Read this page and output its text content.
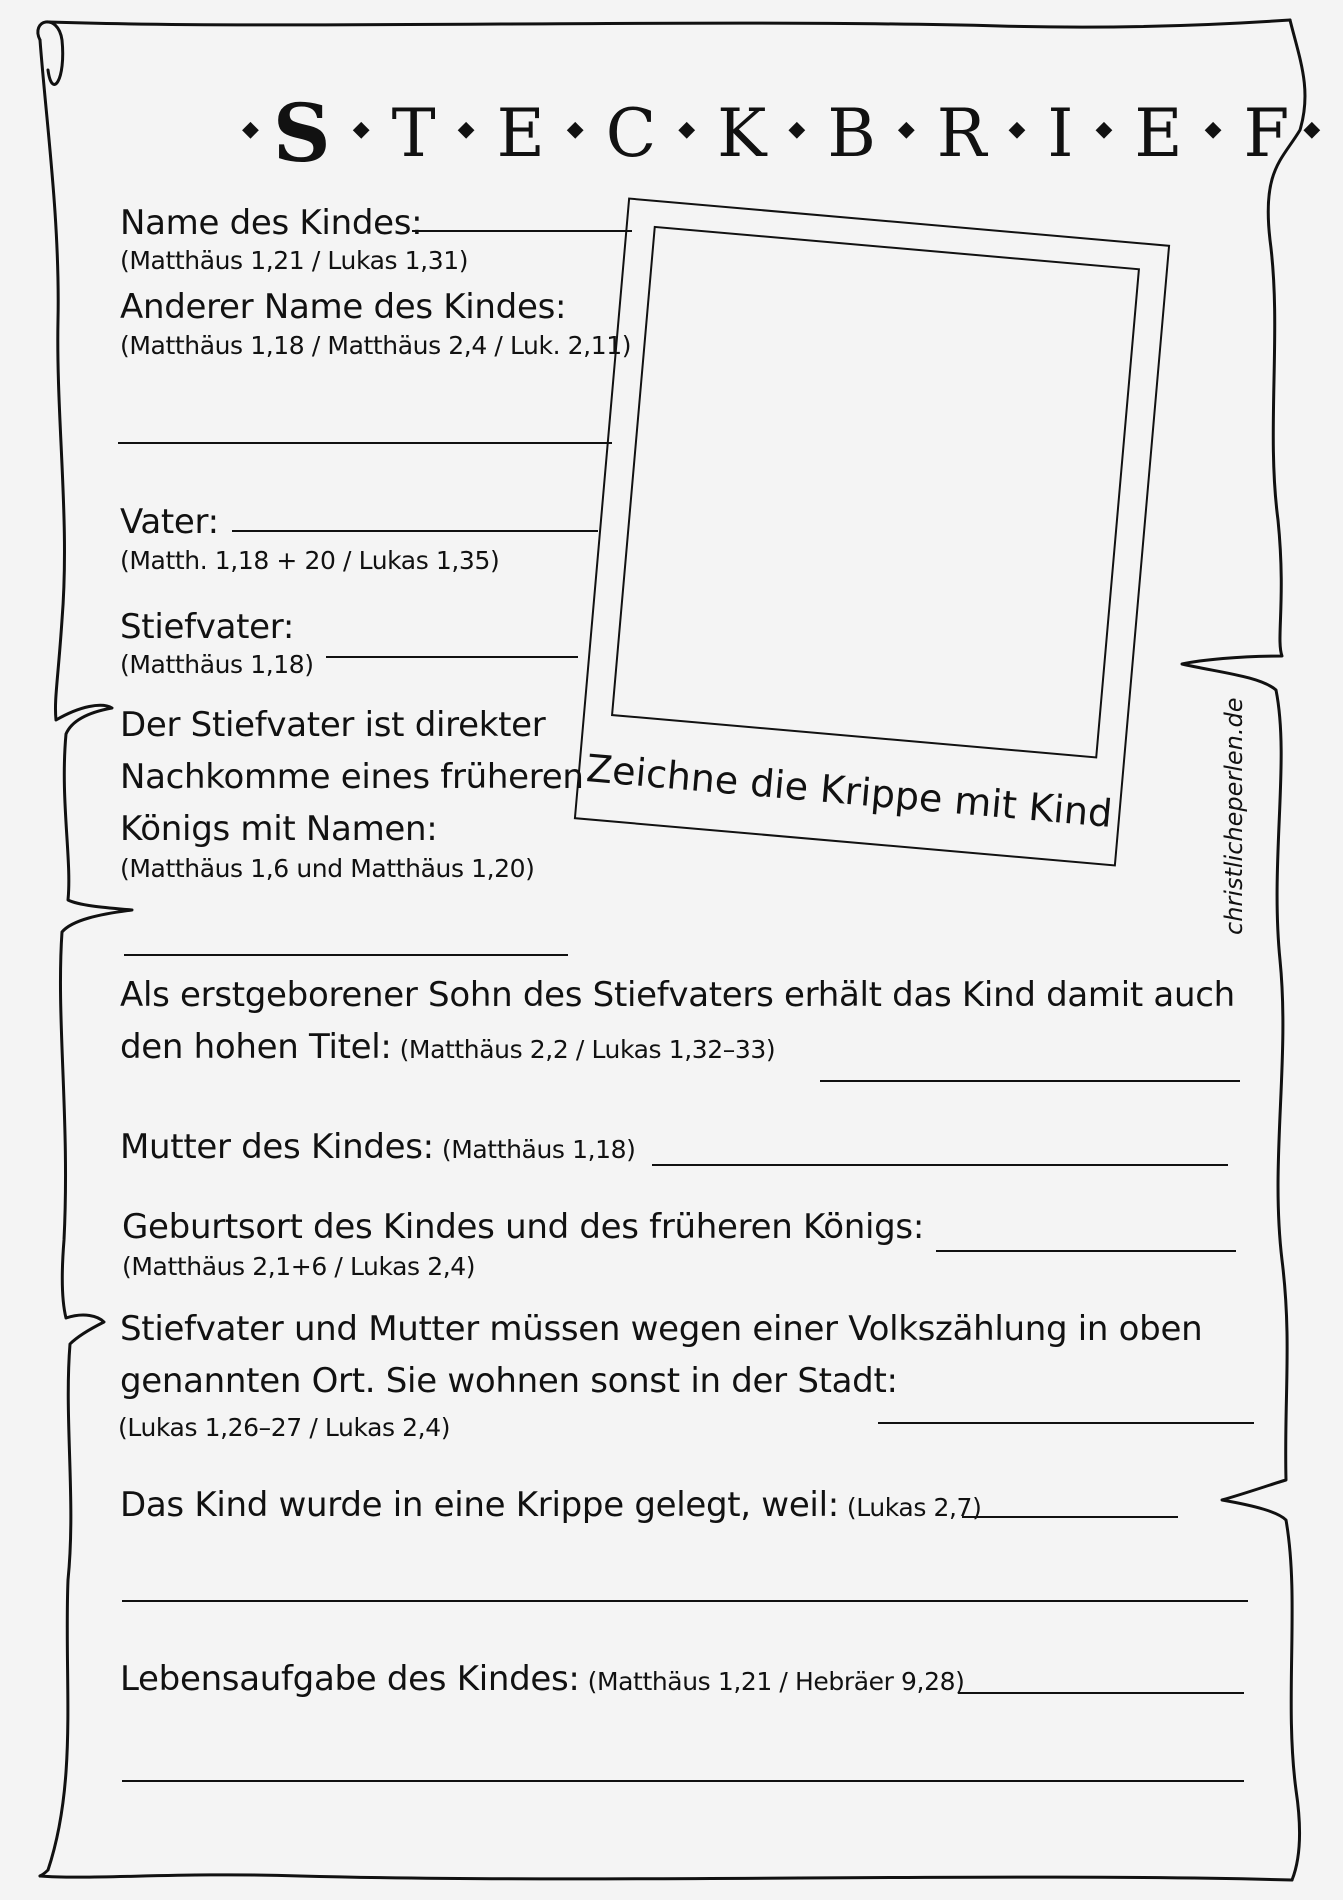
◆ S ◆ T ◆ E ◆ C ◆ K ◆ B ◆ R ◆ I ◆ E ◆ F ◆
Zeichne die Krippe mit Kind	christlicheperlen.de
Name des Kindes:
(Matthäus 1,21 / Lukas 1,31)
Anderer Name des Kindes:
(Matthäus 1,18 / Matthäus 2,4 / Luk. 2,11)
Vater:
(Matth. 1,18 + 20 / Lukas 1,35)
Stiefvater:
(Matthäus 1,18)
Der Stiefvater ist direkter
Nachkomme eines früheren
Königs mit Namen:
(Matthäus 1,6 und Matthäus 1,20)
Als erstgeborener Sohn des Stiefvaters erhält das Kind damit auch
den hohen Titel: (Matthäus 2,2 / Lukas 1,32–33)
Mutter des Kindes: (Matthäus 1,18)
Geburtsort des Kindes und des früheren Königs:
(Matthäus 2,1+6 / Lukas 2,4)
Stiefvater und Mutter müssen wegen einer Volkszählung in oben
genannten Ort. Sie wohnen sonst in der Stadt:
(Lukas 1,26–27 / Lukas 2,4)
Das Kind wurde in eine Krippe gelegt, weil: (Lukas 2,7)
Lebensaufgabe des Kindes: (Matthäus 1,21 / Hebräer 9,28)
